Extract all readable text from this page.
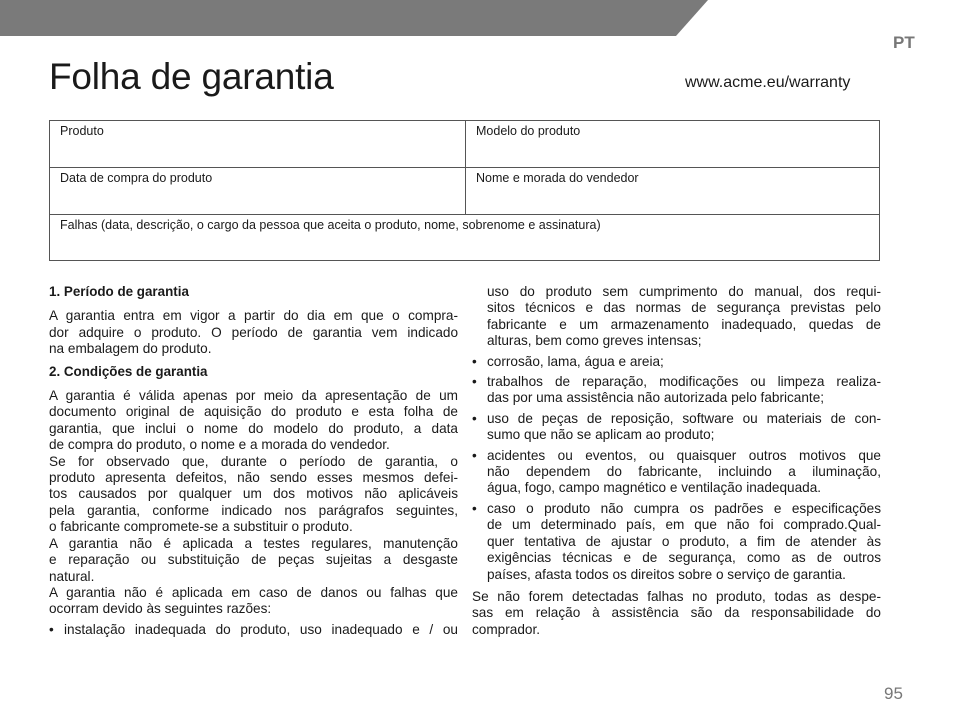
PT
Folha de garantia	www.acme.eu/warranty
Produto	Modelo do produto
Data de compra do produto	Nome e morada do vendedor
Falhas (data, descrição, o cargo da pessoa que aceita o produto, nome, sobrenome e assinatura)
1. Período de garantia
A garantia entra em vigor a partir do dia em que o compra-
dor adquire o produto. O período de garantia vem indicado
na embalagem do produto.
2. Condições de garantia
A garantia é válida apenas por meio da apresentação de um
documento original de aquisição do produto e esta folha de
garantia, que inclui o nome do modelo do produto, a data
de compra do produto, o nome e a morada do vendedor.
Se for observado que, durante o período de garantia, o
produto apresenta defeitos, não sendo esses mesmos defei-
tos causados por qualquer um dos motivos não aplicáveis
pela garantia, conforme indicado nos parágrafos seguintes,
o fabricante compromete-se a substituir o produto.
A garantia não é aplicada a testes regulares, manutenção
e reparação ou substituição de peças sujeitas a desgaste
natural.
A garantia não é aplicada em caso de danos ou falhas que
ocorram devido às seguintes razões:
• instalação inadequada do produto, uso inadequado e / ou
uso do produto sem cumprimento do manual, dos requi-
sitos técnicos e das normas de segurança previstas pelo
fabricante e um armazenamento inadequado, quedas de
alturas, bem como greves intensas;
• corrosão, lama, água e areia;
• trabalhos de reparação, modificações ou limpeza realiza-
das por uma assistência não autorizada pelo fabricante;
• uso de peças de reposição, software ou materiais de con-
sumo que não se aplicam ao produto;
• acidentes ou eventos, ou quaisquer outros motivos que
não dependem do fabricante, incluindo a iluminação,
água, fogo, campo magnético e ventilação inadequada.
• caso o produto não cumpra os padrões e especificações
de um determinado país, em que não foi comprado.Qual-
quer tentativa de ajustar o produto, a fim de atender às
exigências técnicas e de segurança, como as de outros
países, afasta todos os direitos sobre o serviço de garantia.
Se não forem detectadas falhas no produto, todas as despe-
sas em relação à assistência são da responsabilidade do
comprador.
95
